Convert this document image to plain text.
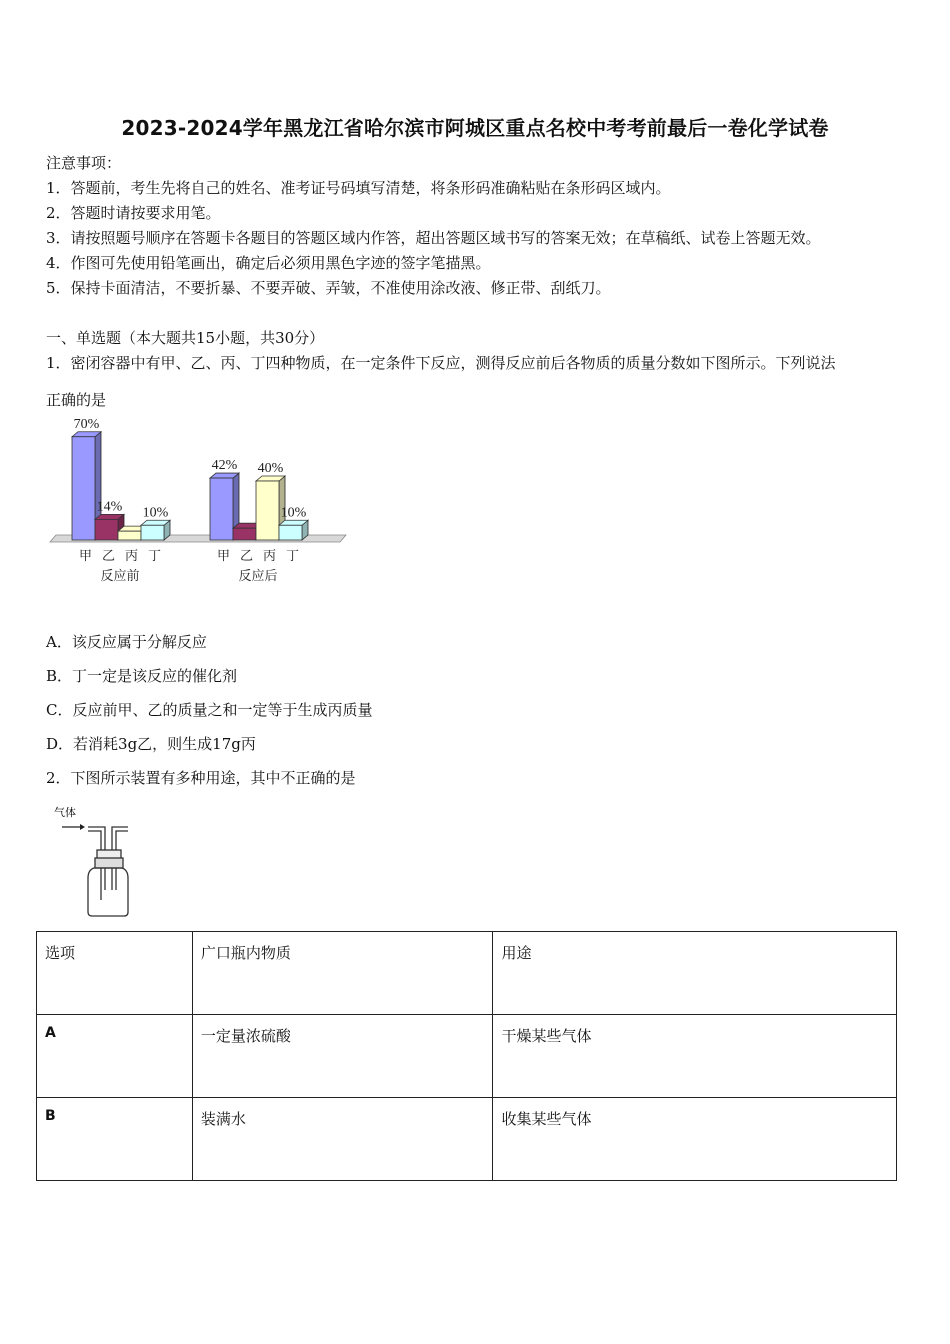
2023-2024学年黑龙江省哈尔滨市阿城区重点名校中考考前最后一卷化学试卷
注意事项：
1．答题前，考生先将自己的姓名、准考证号码填写清楚，将条形码准确粘贴在条形码区域内。
2．答题时请按要求用笔。
3．请按照题号顺序在答题卡各题目的答题区域内作答，超出答题区域书写的答案无效；在草稿纸、试卷上答题无效。
4．作图可先使用铅笔画出，确定后必须用黑色字迹的签字笔描黑。
5．保持卡面清洁，不要折暴、不要弄破、弄皱，不准使用涂改液、修正带、刮纸刀。
一、单选题（本大题共15小题，共30分）
1．密闭容器中有甲、乙、丙、丁四种物质，在一定条件下反应，测得反应前后各物质的质量分数如下图所示。下列说法
正确的是
70%
14% 10%
甲 乙 丙 丁
反应前
42% 40%
10%
甲 乙 丙 丁
反应后
A．该反应属于分解反应
B．丁一定是该反应的催化剂
C．反应前甲、乙的质量之和一定等于生成丙质量
D．若消耗3g乙，则生成17g丙
2．下图所示装置有多种用途，其中不正确的是
气体
选项	广口瓶内物质	用途
A	一定量浓硫酸	干燥某些气体
B	装满水	收集某些气体
